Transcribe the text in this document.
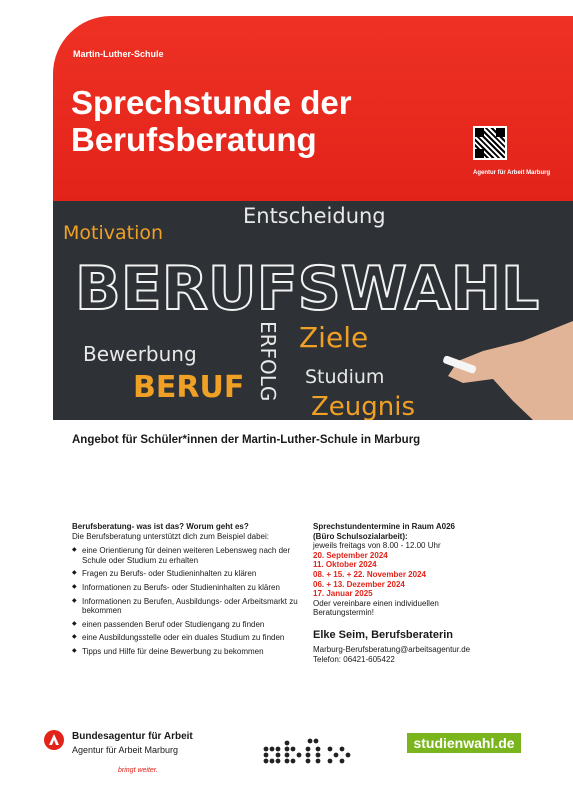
Martin-Luther-Schule
Sprechstunde der
Berufsberatung
Agentur für Arbeit Marburg
Motivation
Entscheidung
BERUFSWAHL
Bewerbung	Ziele
BERUF	Studium
Zeugnis
ERFOLG
Angebot für Schüler*innen der Martin-Luther-Schule in Marburg

Berufsberatung- was ist das? Worum geht es?

Die Berufsberatung unterstützt dich zum Beispiel dabei:

◆ eine Orientierung für deinen weiteren Lebensweg nach der Schule oder Studium zu erhalten
◆ Fragen zu Berufs- oder Studieninhalten zu klären
◆ Informationen zu Berufs- oder Studieninhalten zu klären
◆ Informationen zu Berufen, Ausbildungs- oder Arbeitsmarkt zu bekommen
◆ einen passenden Beruf oder Studiengang zu finden
◆ eine Ausbildungsstelle oder ein duales Studium zu finden
◆ Tipps und Hilfe für deine Bewerbung zu bekommen

Sprechstundentermine in Raum A026

(Büro Schulsozialarbeit):

jeweils freitags von 8.00 - 12.00 Uhr

20. September 2024

11. Oktober 2024

08. + 15. + 22. November 2024

06. + 13. Dezember 2024

17. Januar 2025

Oder vereinbare einen individuellen Beratungstermin!

Elke Seim, Berufsberaterin

Marburg-Berufsberatung@arbeitsagentur.de

Telefon: 06421-605422

Bundesagentur für Arbeit
Agentur für Arbeit Marburg
bringt weiter.
studienwahl.de
